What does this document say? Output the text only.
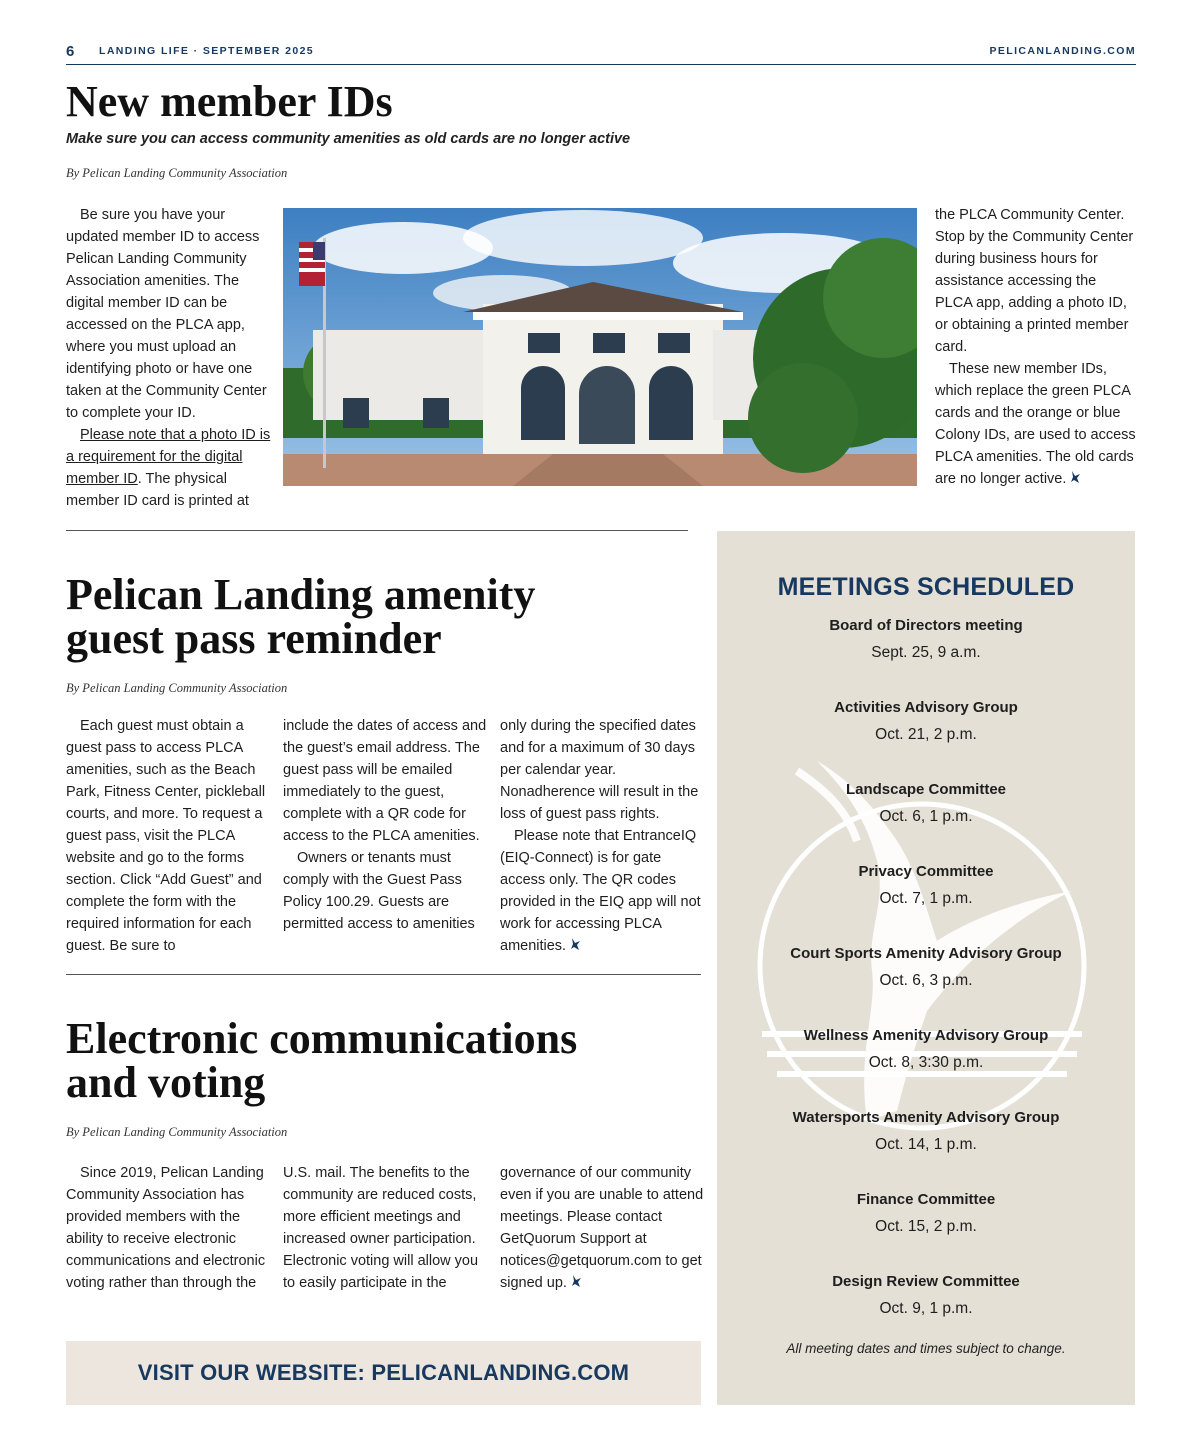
6 LANDING LIFE · SEPTEMBER 2025	PELICANLANDING.COM
New member IDs
Make sure you can access community amenities as old cards are no longer active
By Pelican Landing Community Association

Be sure you have your updated member ID to access Pelican Landing Community Association amenities. The digital member ID can be accessed on the PLCA app, where you must upload an identifying photo or have one taken at the Community Center to complete your ID.

Please note that a photo ID is a requirement for the digital member ID. The physical member ID card is printed at

the PLCA Community Center. Stop by the Community Center during business hours for assistance accessing the PLCA app, adding a photo ID, or obtaining a printed member card.

These new member IDs, which replace the green PLCA cards and the orange or blue Colony IDs, are used to access PLCA amenities. The old cards are no longer active.

Pelican Landing amenity
guest pass reminder
By Pelican Landing Community Association

Each guest must obtain a guest pass to access PLCA amenities, such as the Beach Park, Fitness Center, pickleball courts, and more. To request a guest pass, visit the PLCA website and go to the forms section. Click “Add Guest” and complete the form with the required information for each guest. Be sure to

include the dates of access and the guest’s email address. The guest pass will be emailed immediately to the guest, complete with a QR code for access to the PLCA amenities.

Owners or tenants must comply with the Guest Pass Policy 100.29. Guests are permitted access to amenities

only during the specified dates and for a maximum of 30 days per calendar year. Nonadherence will result in the loss of guest pass rights.

Please note that EntranceIQ (EIQ-Connect) is for gate access only. The QR codes provided in the EIQ app will not work for accessing PLCA amenities.

Electronic communications
and voting
By Pelican Landing Community Association

Since 2019, Pelican Landing Community Association has provided members with the ability to receive electronic communications and electronic voting rather than through the

U.S. mail. The benefits to the community are reduced costs, more efficient meetings and increased owner participation. Electronic voting will allow you to easily participate in the

governance of our community even if you are unable to attend meetings. Please contact GetQuorum Support at notices@getquorum.com to get signed up.

VISIT OUR WEBSITE: PELICANLANDING.COM
MEETINGS SCHEDULED
Board of Directors meeting
Sept. 25, 9 a.m.
Activities Advisory Group
Oct. 21, 2 p.m.
Landscape Committee
Oct. 6, 1 p.m.
Privacy Committee
Oct. 7, 1 p.m.
Court Sports Amenity Advisory Group
Oct. 6, 3 p.m.
Wellness Amenity Advisory Group
Oct. 8, 3:30 p.m.
Watersports Amenity Advisory Group
Oct. 14, 1 p.m.
Finance Committee
Oct. 15, 2 p.m.
Design Review Committee
Oct. 9, 1 p.m.
All meeting dates and times subject to change.
